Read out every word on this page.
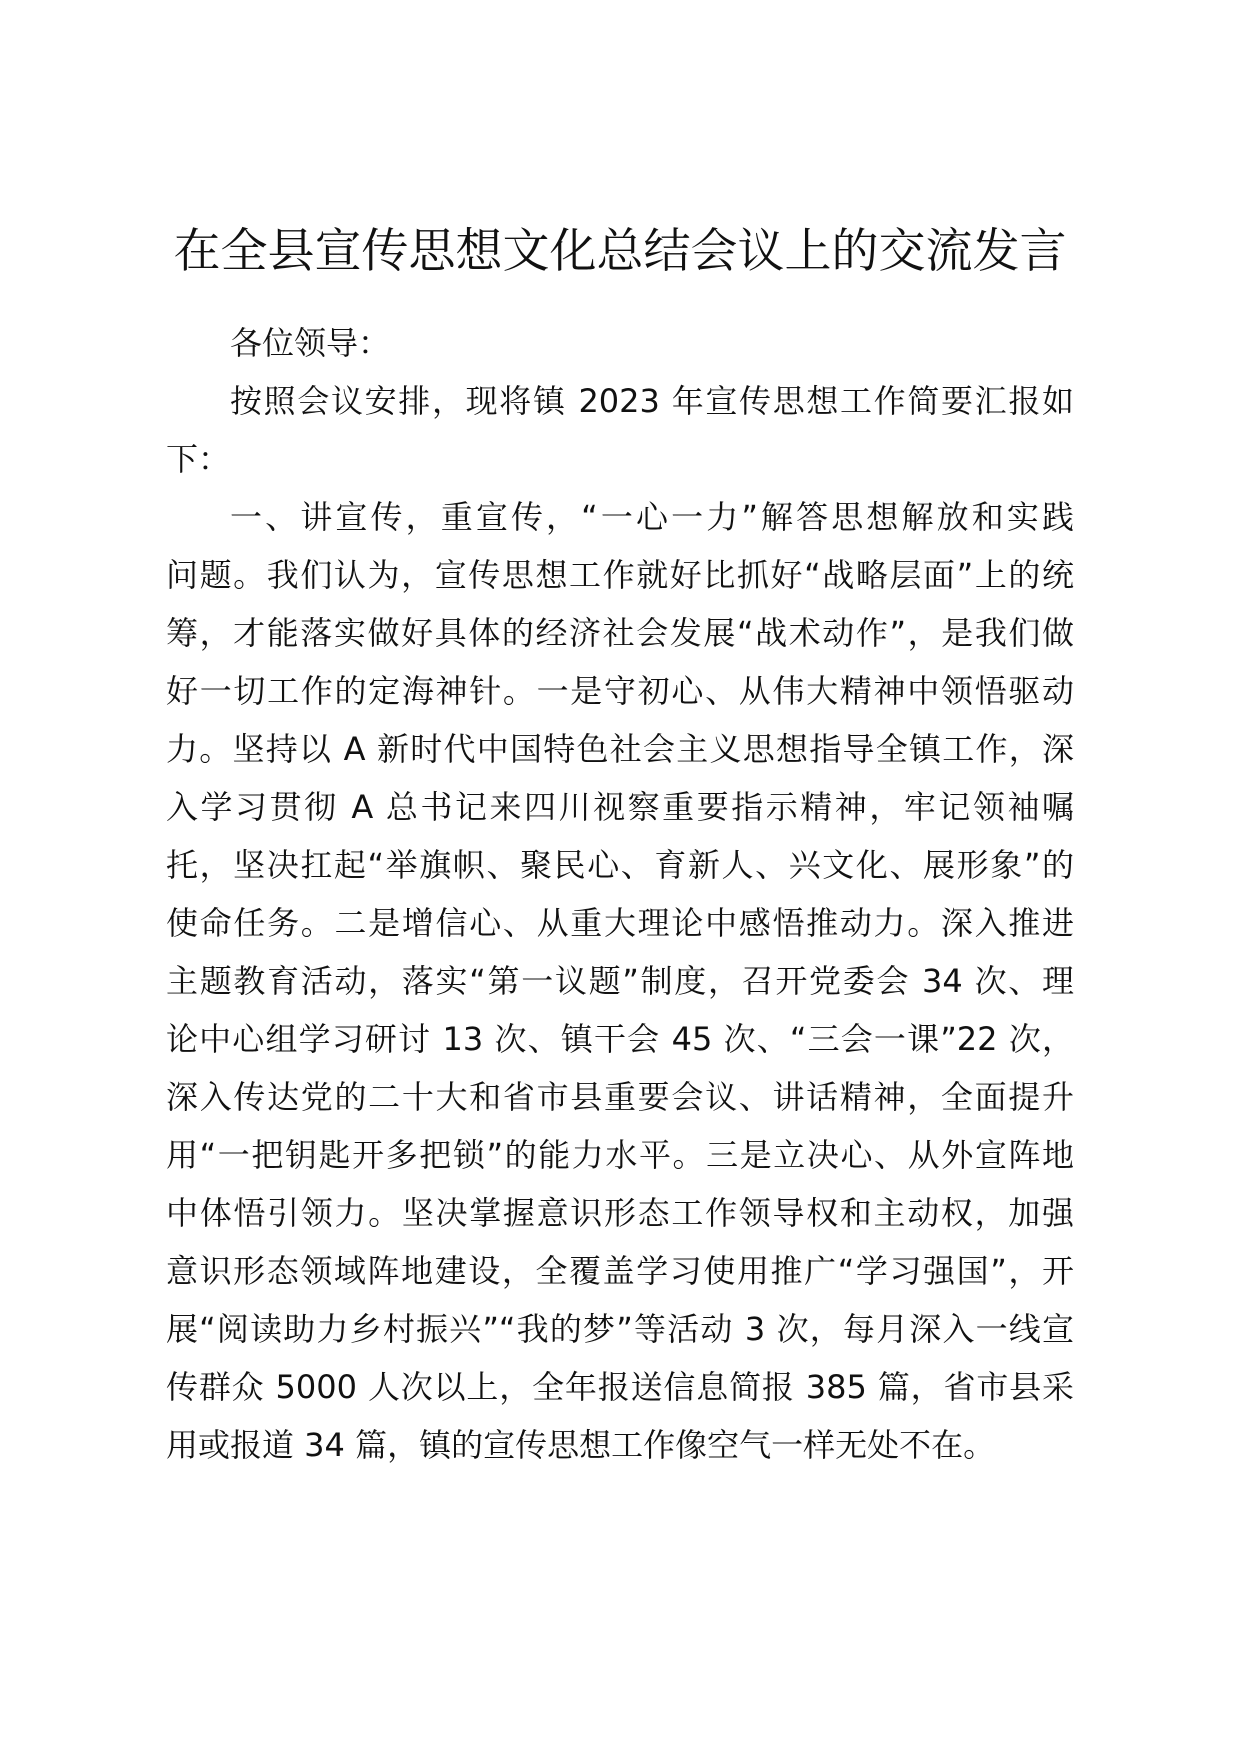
在全县宣传思想文化总结会议上的交流发言
各位领导：
按照会议安排，现将镇 2023 年宣传思想工作简要汇报如
下：
一、讲宣传，重宣传，“一心一力”解答思想解放和实践
问题。我们认为，宣传思想工作就好比抓好“战略层面”上的统
筹，才能落实做好具体的经济社会发展“战术动作”，是我们做
好一切工作的定海神针。一是守初心、从伟大精神中领悟驱动
力。坚持以 A 新时代中国特色社会主义思想指导全镇工作，深
入学习贯彻 A 总书记来四川视察重要指示精神，牢记领袖嘱
托，坚决扛起“举旗帜、聚民心、育新人、兴文化、展形象”的
使命任务。二是增信心、从重大理论中感悟推动力。深入推进
主题教育活动，落实“第一议题”制度，召开党委会 34 次、理
论中心组学习研讨 13 次、镇干会 45 次、“三会一课”22 次，
深入传达党的二十大和省市县重要会议、讲话精神，全面提升
用“一把钥匙开多把锁”的能力水平。三是立决心、从外宣阵地
中体悟引领力。坚决掌握意识形态工作领导权和主动权，加强
意识形态领域阵地建设，全覆盖学习使用推广“学习强国”，开
展“阅读助力乡村振兴”“我的梦”等活动 3 次，每月深入一线宣
传群众 5000 人次以上，全年报送信息简报 385 篇，省市县采
用或报道 34 篇，镇的宣传思想工作像空气一样无处不在。
